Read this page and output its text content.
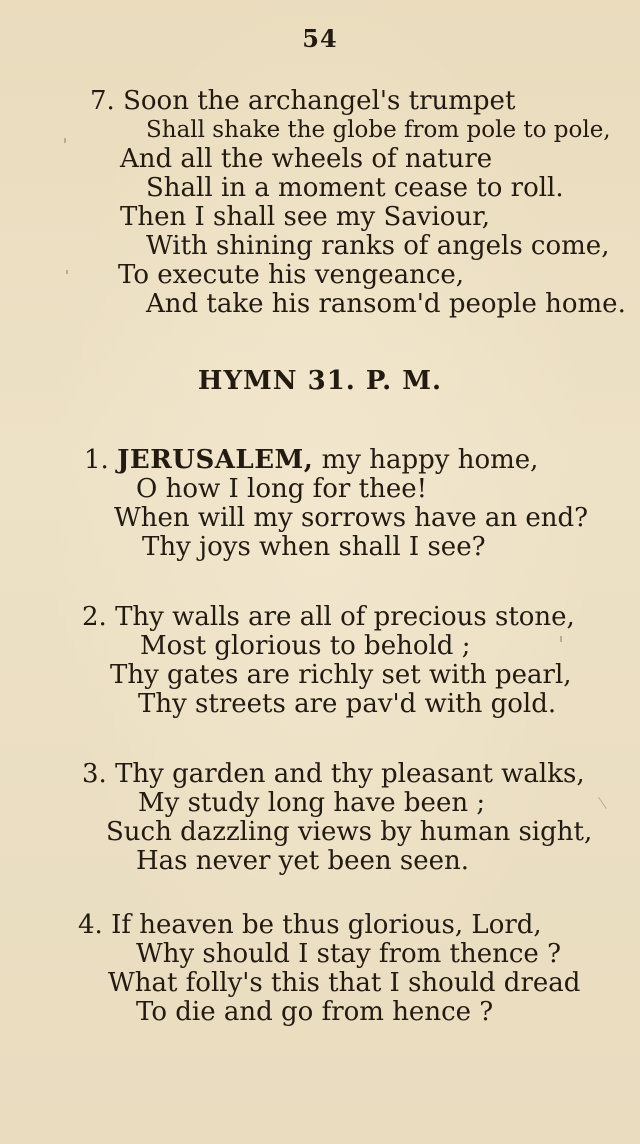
54
7. Soon the archangel's trumpet
Shall shake the globe from pole to pole,
And all the wheels of nature
Shall in a moment cease to roll.
Then I shall see my Saviour,
With shining ranks of angels come,
To execute his vengeance,
And take his ransom'd people home.
HYMN 31. P. M.
1. JERUSALEM, my happy home,
O how I long for thee!
When will my sorrows have an end?
Thy joys when shall I see?
2. Thy walls are all of precious stone,
Most glorious to behold ;
Thy gates are richly set with pearl,
Thy streets are pav'd with gold.
3. Thy garden and thy pleasant walks,
My study long have been ;
Such dazzling views by human sight,
Has never yet been seen.
4. If heaven be thus glorious, Lord,
Why should I stay from thence ?
What folly's this that I should dread
To die and go from hence ?
